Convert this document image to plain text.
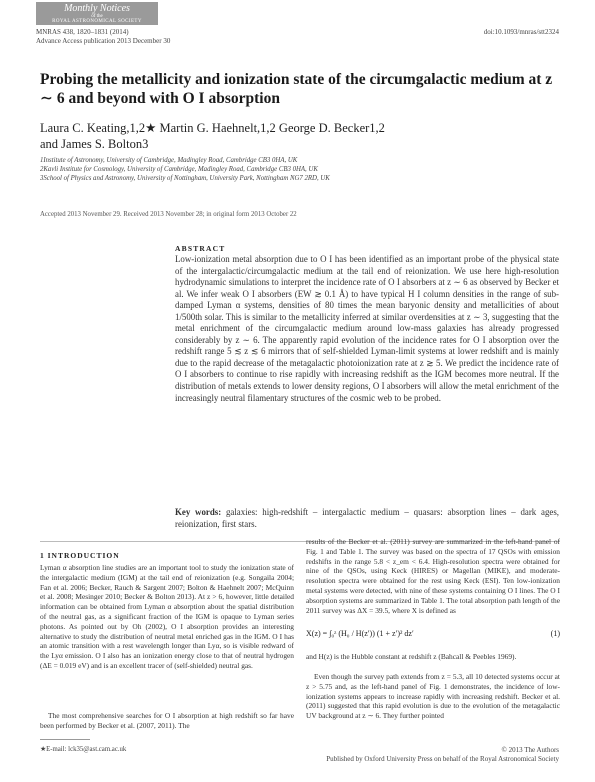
Monthly Notices
of the
ROYAL ASTRONOMICAL SOCIETY
MNRAS 438, 1820–1831 (2014)
Advance Access publication 2013 December 30
doi:10.1093/mnras/stt2324
Probing the metallicity and ionization state of the circumgalactic medium at z ∼ 6 and beyond with O I absorption
Laura C. Keating,1,2★ Martin G. Haehnelt,1,2 George D. Becker1,2
and James S. Bolton3
1Institute of Astronomy, University of Cambridge, Madingley Road, Cambridge CB3 0HA, UK
2Kavli Institute for Cosmology, University of Cambridge, Madingley Road, Cambridge CB3 0HA, UK
3School of Physics and Astronomy, University of Nottingham, University Park, Nottingham NG7 2RD, UK
Accepted 2013 November 29. Received 2013 November 28; in original form 2013 October 22
ABSTRACT

Low-ionization metal absorption due to O I has been identified as an important probe of the physical state of the intergalactic/circumgalactic medium at the tail end of reionization. We use here high-resolution hydrodynamic simulations to interpret the incidence rate of O I absorbers at z ∼ 6 as observed by Becker et al. We infer weak O I absorbers (EW ≳ 0.1 Å) to have typical H I column densities in the range of sub-damped Lyman α systems, densities of 80 times the mean baryonic density and metallicities of about 1/500th solar. This is similar to the metallicity inferred at similar overdensities at z ∼ 3, suggesting that the metal enrichment of the circumgalactic medium around low-mass galaxies has already progressed considerably by z ∼ 6. The apparently rapid evolution of the incidence rates for O I absorption over the redshift range 5 ≲ z ≲ 6 mirrors that of self-shielded Lyman-limit systems at lower redshift and is mainly due to the rapid decrease of the metagalactic photoionization rate at z ≳ 5. We predict the incidence rate of O I absorbers to continue to rise rapidly with increasing redshift as the IGM becomes more neutral. If the distribution of metals extends to lower density regions, O I absorbers will allow the metal enrichment of the increasingly neutral filamentary structures of the cosmic web to be probed.

Key words: galaxies: high-redshift – intergalactic medium – quasars: absorption lines – dark ages, reionization, first stars.

1 INTRODUCTION

Lyman α absorption line studies are an important tool to study the ionization state of the intergalactic medium (IGM) at the tail end of reionization (e.g. Songaila 2004; Fan et al. 2006; Becker, Rauch & Sargent 2007; Bolton & Haehnelt 2007; McQuinn et al. 2008; Mesinger 2010; Becker & Bolton 2013). At z > 6, however, little detailed information can be obtained from Lyman α absorption about the spatial distribution of the neutral gas, as a significant fraction of the IGM is opaque to Lyman series photons. As pointed out by Oh (2002), O I absorption provides an interesting alternative to study the distribution of neutral metal enriched gas in the IGM. O I has an atomic transition with a rest wavelength longer than Lyα, so is visible redward of the Lyα emission. O I also has an ionization energy close to that of neutral hydrogen (ΔE = 0.019 eV) and is an excellent tracer of (self-shielded) neutral gas.

The most comprehensive searches for O I absorption at high redshift so far have been performed by Becker et al. (2007, 2011). The

results of the Becker et al. (2011) survey are summarized in the left-hand panel of Fig. 1 and Table 1. The survey was based on the spectra of 17 QSOs with emission redshifts in the range 5.8 < z_em < 6.4. High-resolution spectra were obtained for nine of the QSOs, using Keck (HIRES) or Magellan (MIKE), and moderate-resolution spectra were obtained for the rest using Keck (ESI). Ten low-ionization metal systems were detected, with nine of these systems containing O I lines. The O I absorption systems are summarized in Table 1. The total absorption path length of the 2011 survey was ΔX = 39.5, where X is defined as

X(z) = ∫₀ᶻ (H₀ / H(z′)) (1 + z′)² dz′	(1)

and H(z) is the Hubble constant at redshift z (Bahcall & Peebles 1969).

Even though the survey path extends from z = 5.3, all 10 detected systems occur at z > 5.75 and, as the left-hand panel of Fig. 1 demonstrates, the incidence of low-ionization systems appears to increase rapidly with increasing redshift. Becker et al. (2011) suggested that this rapid evolution is due to the evolution of the metagalactic UV background at z ∼ 6. They further pointed

★E-mail: lck35@ast.cam.ac.uk	© 2013 The Authors
Published by Oxford University Press on behalf of the Royal Astronomical Society
